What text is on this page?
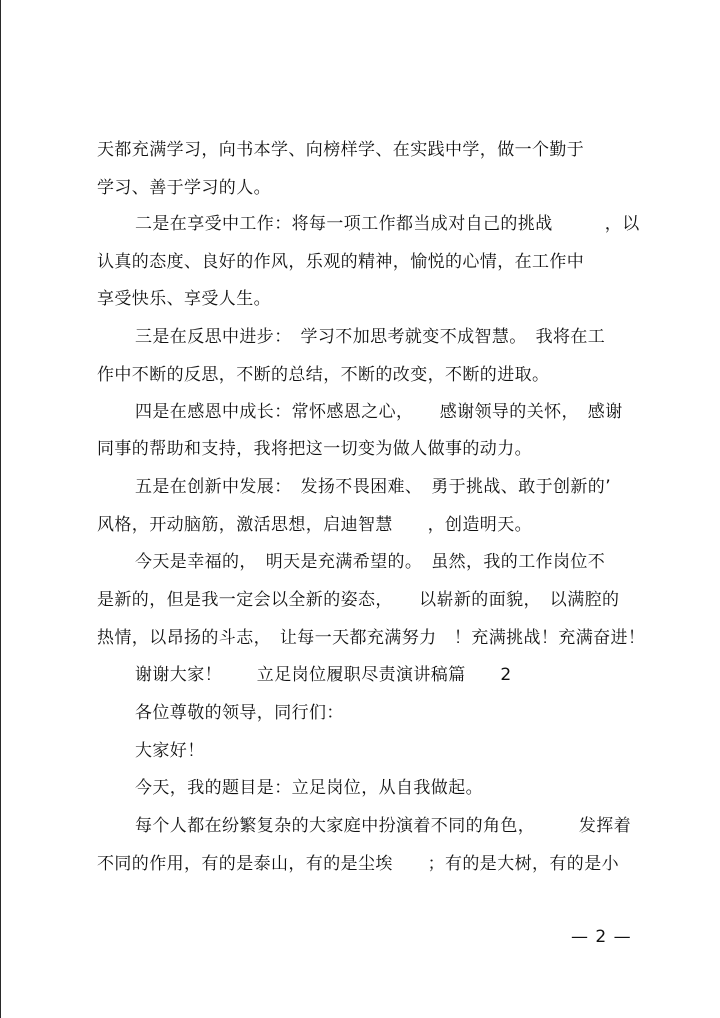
天都充满学习，向书本学、向榜样学、在实践中学，做一个勤于
学习、善于学习的人。
二是在享受中工作：将每一项工作都当成对自己的挑战　　　，以
认真的态度、良好的作风，乐观的精神，愉悦的心情，在工作中
享受快乐、享受人生。
三是在反思中进步：　学习不加思考就变不成智慧。　我将在工
作中不断的反思，不断的总结，不断的改变，不断的进取。
四是在感恩中成长：常怀感恩之心，　　感谢领导的关怀，　感谢
同事的帮助和支持，我将把这一切变为做人做事的动力。
五是在创新中发展：　发扬不畏困难、　勇于挑战、敢于创新的’
风格，开动脑筋，激活思想，启迪智慧　　，创造明天。
今天是幸福的，　明天是充满希望的。　虽然，我的工作岗位不
是新的，但是我一定会以全新的姿态，　　以崭新的面貌，　以满腔的
热情，以昂扬的斗志，　让每一天都充满努力　！充满挑战！充满奋进！
谢谢大家！　　立足岗位履职尽责演讲稿篇　　2
各位尊敬的领导，同行们：
大家好！
今天，我的题目是：立足岗位，从自我做起。
每个人都在纷繁复杂的大家庭中扮演着不同的角色，　　　发挥着
不同的作用，有的是泰山，有的是尘埃　　；有的是大树，有的是小
— 2 —
